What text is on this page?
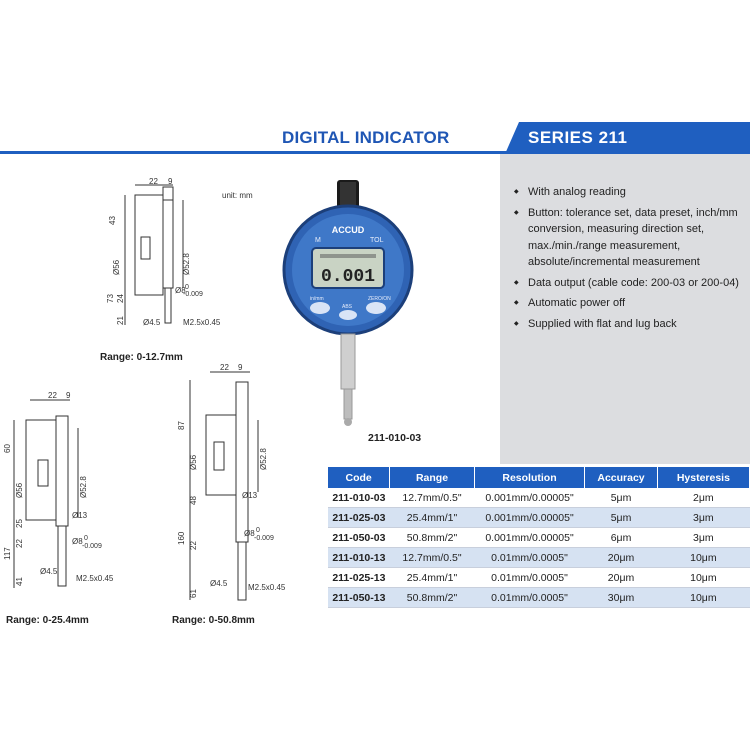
DIGITAL INDICATOR	SERIES 211
◆ With analog reading
◆ Button: tolerance set, data preset, inch/mm conversion, measuring direction set, max./min./range measurement, absolute/incremental measurement
◆ Data output (cable code: 200-03 or 200-04)
◆ Automatic power off
◆ Supplied with flat and lug back
unit: mm
ACCUD
M	TOL
0.001
in/mm
ABS
ZERO/ON
211-010-03
22 9
43
Ø56	Ø52.8
73 24
21
Ø8 0
-0.009
Ø4.5	M2.5x0.45
Range: 0-12.7mm
22 9
60
Ø56	Ø52.8
25
22
117
Ø13
Ø8 0
-0.009
41
Ø4.5
M2.5x0.45
Range: 0-25.4mm
22 9
87
Ø56	Ø52.8
48
160
22
Ø13
Ø8 0
-0.009
61
Ø4.5	M2.5x0.45
Range: 0-50.8mm
Code	Range	Resolution	Accuracy	Hysteresis
211-010-03	12.7mm/0.5"	0.001mm/0.00005"	5μm	2μm
211-025-03	25.4mm/1"	0.001mm/0.00005"	5μm	3μm
211-050-03	50.8mm/2"	0.001mm/0.00005"	6μm	3μm
211-010-13	12.7mm/0.5"	0.01mm/0.0005"	20μm	10μm
211-025-13	25.4mm/1"	0.01mm/0.0005"	20μm	10μm
211-050-13	50.8mm/2"	0.01mm/0.0005"	30μm	10μm
